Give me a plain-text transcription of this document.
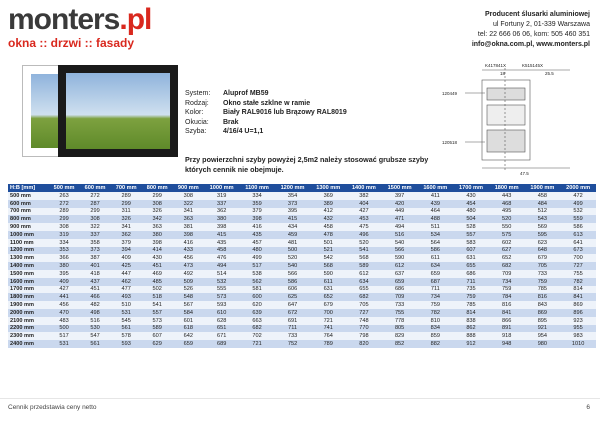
monters.pl
okna :: drzwi :: fasady
Producent ślusarki aluminiowej
ul Fortuny 2, 01-339 Warszawa
tel: 22 666 06 06, kom: 505 460 351
info@okna.com.pl, www.monters.pl
System:	Aluprof MB59
Rodzaj:	Okno stałe szklne w ramie
Kolor:	Biały RAL9016 lub Brązowy RAL8019
Okucia:	Brak
Szyba:	4/16/4 U=1,1
Przy powierzchni szyby powyżej 2,5m2 należy stosować grubsze szyby których cennik nie obejmuje.
K417841X	K515145X
120449
120518
47.5
18	25.5
H:B [mm]	500 mm	600 mm	700 mm	800 mm	900 mm	1000 mm	1100 mm	1200 mm	1300 mm	1400 mm	1500 mm	1600 mm	1700 mm	1800 mm	1900 mm	2000 mm
500 mm	263	272	289	299	308	319	334	354	369	382	397	411	430	443	458	472
600 mm	272	287	299	308	322	337	359	373	389	404	420	439	454	468	484	499
700 mm	289	299	311	326	341	362	379	395	412	427	449	464	480	495	512	532
800 mm	299	308	326	342	363	380	398	415	432	453	471	488	504	520	543	559
900 mm	308	322	341	363	381	398	416	434	458	475	494	511	528	550	569	586
1000 mm	319	337	362	380	398	415	435	459	478	496	516	534	557	575	595	613
1100 mm	334	358	379	398	416	435	457	481	501	520	540	564	583	602	623	641
1200 mm	353	373	394	414	433	458	480	500	521	541	566	586	607	627	648	673
1300 mm	366	387	409	430	456	476	499	520	542	568	590	611	631	652	679	700
1400 mm	380	401	425	451	473	494	517	540	568	589	612	634	655	682	705	727
1500 mm	395	418	447	469	492	514	538	566	590	612	637	659	686	709	733	755
1600 mm	409	437	462	485	509	532	562	586	611	634	659	687	711	734	759	782
1700 mm	427	451	477	502	526	555	581	606	631	655	686	711	735	759	785	814
1800 mm	441	466	493	518	548	573	600	625	652	682	709	734	759	784	816	841
1900 mm	456	482	510	541	567	593	620	647	679	705	733	759	785	816	843	869
2000 mm	470	498	531	557	584	610	639	672	700	727	755	782	814	841	869	896
2100 mm	483	516	545	573	601	628	663	691	721	748	778	810	838	866	895	923
2200 mm	500	530	561	589	618	651	682	711	741	770	805	834	862	891	921	955
2300 mm	517	547	578	607	642	671	702	733	764	798	829	859	888	918	954	983
2400 mm	531	561	593	629	659	689	721	752	789	820	852	882	912	948	980	1010
Cennik przedstawia ceny netto	6
